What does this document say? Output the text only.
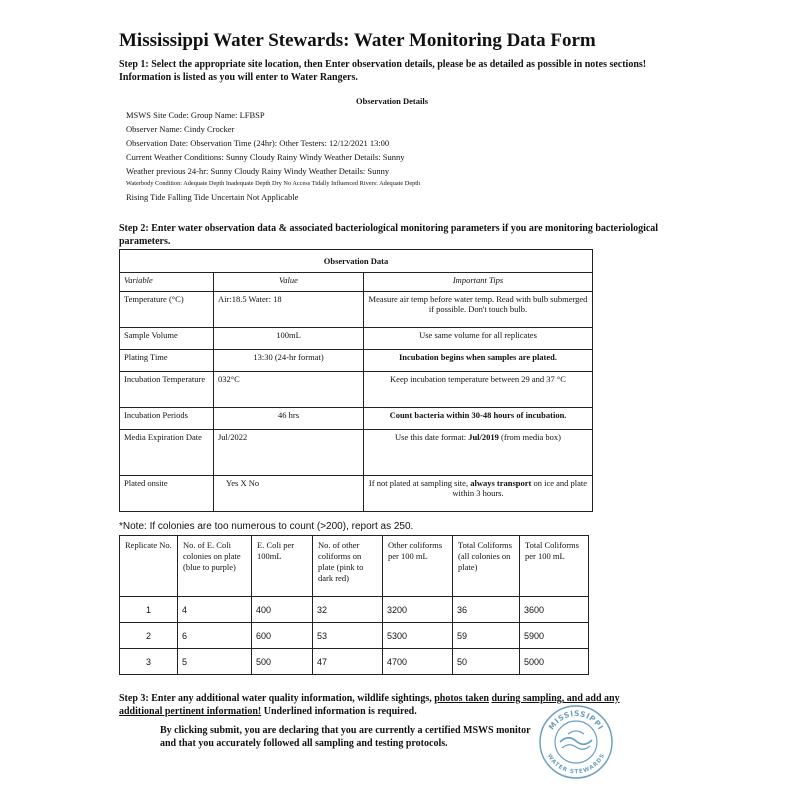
Mississippi Water Stewards: Water Monitoring Data Form
Step 1: Select the appropriate site location, then Enter observation details, please be as detailed as possible in notes sections! Information is listed as you will enter to Water Rangers.
Observation Details
MSWS Site Code: Group Name: LFBSP
Observer Name: Cindy Crocker
Observation Date: Observation Time (24hr): Other Testers: 12/12/2021 13:00
Current Weather Conditions: Sunny Cloudy Rainy Windy Weather Details: Sunny
Weather previous 24-hr: Sunny Cloudy Rainy Windy Weather Details: Sunny
Waterbody Condition: Adequate Depth Inadequate Depth Dry No Access Tidally Influenced Rivers: Adequate Depth
Rising Tide Falling Tide Uncertain Not Applicable
Step 2: Enter water observation data & associated bacteriological monitoring parameters if you are monitoring bacteriological parameters.
Observation Data		
Variable	Value	Important Tips
Temperature (°C)	Air:18.5 Water: 18	Measure air temp before water temp. Read with bulb submerged if possible. Don't touch bulb.
Sample Volume	100mL	Use same volume for all replicates
Plating Time	13:30 (24-hr format)	Incubation begins when samples are plated.
Incubation Temperature	032°C	Keep incubation temperature between 29 and 37 °C
Incubation Periods	46 hrs	Count bacteria within 30-48 hours of incubation.
Media Expiration Date	Jul/2022	Use this date format: Jul/2019 (from media box)
Plated onsite	Yes X No	If not plated at sampling site, always transport on ice and plate within 3 hours.
*Note: If colonies are too numerous to count (>200), report as 250.
Replicate No.	No. of E. Coli colonies on plate (blue to purple)	E. Coli per 100mL	No. of other coliforms on plate (pink to dark red)	Other coliforms per 100 mL	Total Coliforms (all colonies on plate)	Total Coliforms per 100 mL
1	4	400	32	3200	36	3600
2	6	600	53	5300	59	5900
3	5	500	47	4700	50	5000
Step 3: Enter any additional water quality information, wildlife sightings, photos taken during sampling, and add any additional pertinent information! Underlined information is required.
By clicking submit, you are declaring that you are currently a certified MSWS monitor and that you accurately followed all sampling and testing protocols.
MISSISSIPPI
WATER STEWARDS
